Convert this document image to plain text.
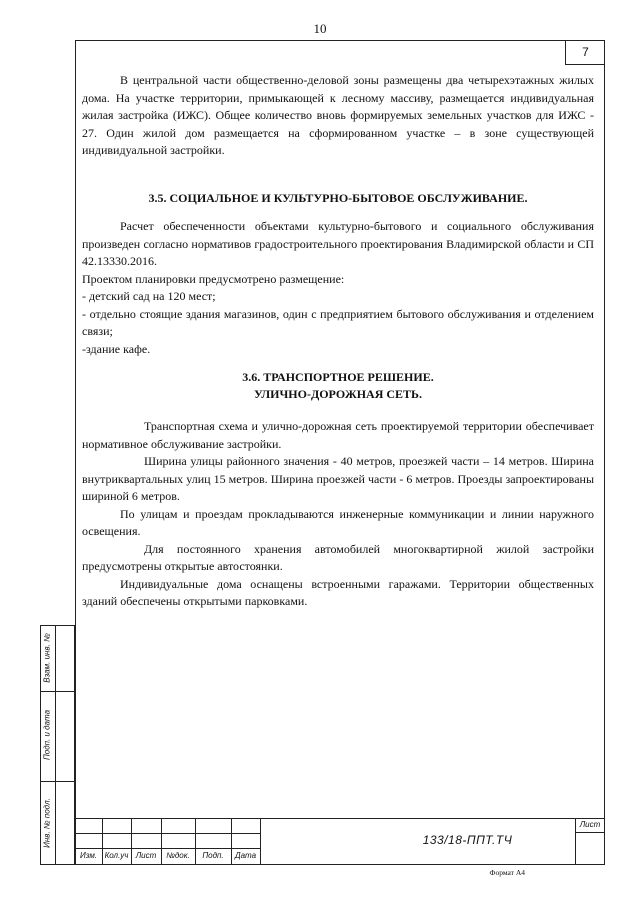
10
7

В центральной части общественно-деловой зоны размещены два четырехэтажных жилых дома. На участке территории, примыкающей к лесному массиву, размещается индивидуальная жилая застройка (ИЖС). Общее количество вновь формируемых земельных участков для ИЖС - 27. Один жилой дом размещается на сформированном участке – в зоне существующей индивидуальной застройки.

3.5. СОЦИАЛЬНОЕ И КУЛЬТУРНО-БЫТОВОЕ ОБСЛУЖИВАНИЕ.

Расчет обеспеченности объектами культурно-бытового и социального обслуживания произведен согласно нормативов градостроительного проектирования Владимирской области и СП 42.13330.2016.

Проектом планировки предусмотрено размещение:

- детский сад на 120 мест;

- отдельно стоящие здания магазинов, один с предприятием бытового обслуживания и отделением связи;

-здание кафе.

3.6. ТРАНСПОРТНОЕ РЕШЕНИЕ.
УЛИЧНО-ДОРОЖНАЯ СЕТЬ.

Транспортная схема и улично-дорожная сеть проектируемой территории обеспечивает нормативное обслуживание застройки.

Ширина улицы районного значения - 40 метров, проезжей части – 14 метров. Ширина внутриквартальных улиц 15 метров. Ширина проезжей части - 6 метров. Проезды запроектированы шириной 6 метров.

По улицам и проездам прокладываются инженерные коммуникации и линии наружного освещения.

Для постоянного хранения автомобилей многоквартирной жилой застройки предусмотрены открытые автостоянки.

Индивидуальные дома оснащены встроенными гаражами. Территории общественных зданий обеспечены открытыми парковками.

Взам. инв. №
Подп. и дата
Инв. № подл.
Изм. Кол.уч Лист	№док.	Подп.	Дата
133/18-ППТ.ТЧ
Лист
Формат А4
